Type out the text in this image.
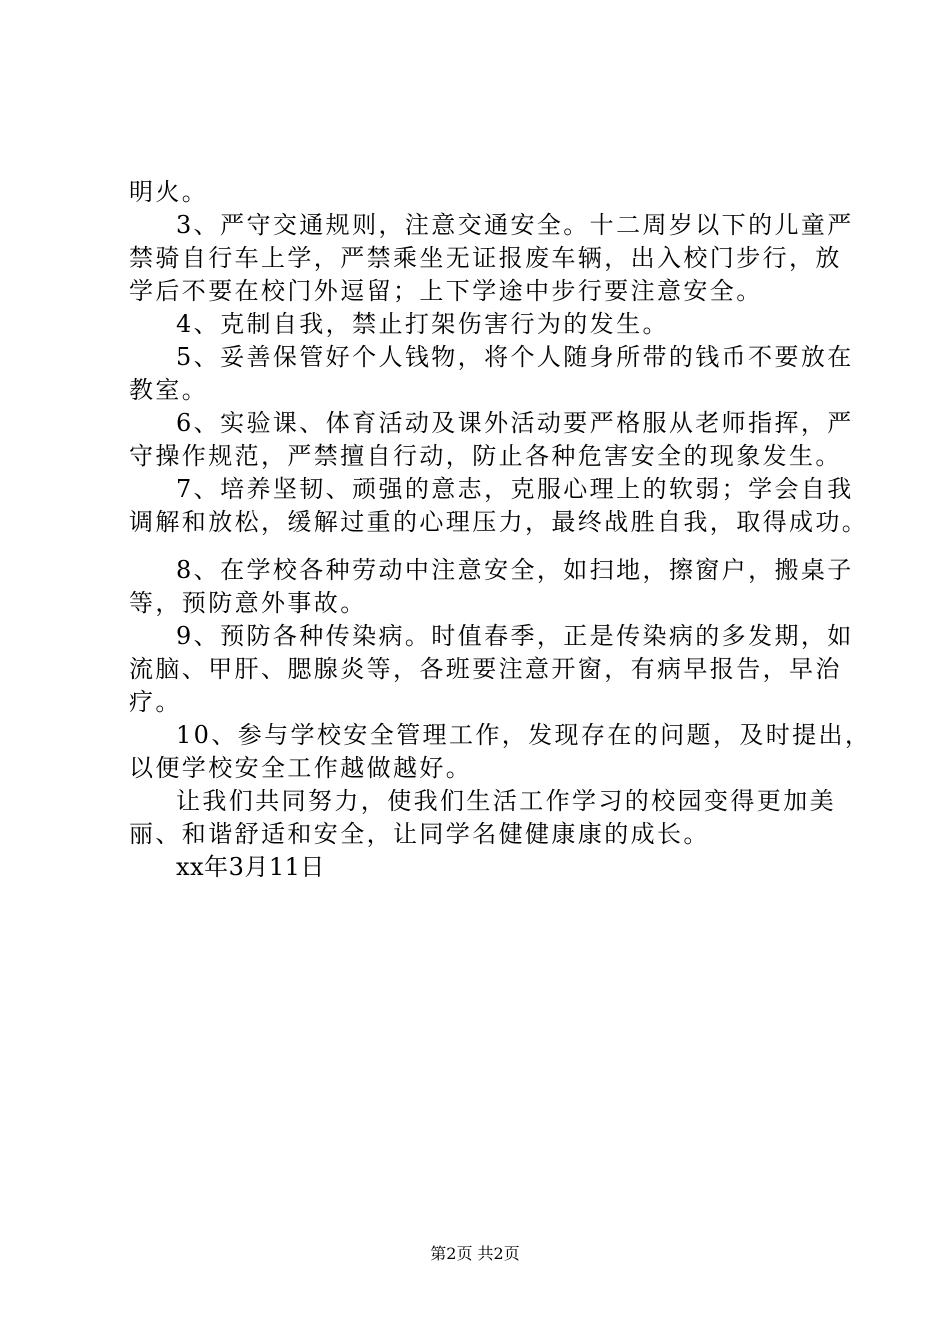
明火。
3、严守交通规则，注意交通安全。十二周岁以下的儿童严
禁骑自行车上学，严禁乘坐无证报废车辆，出入校门步行，放
学后不要在校门外逗留；上下学途中步行要注意安全。
4、克制自我，禁止打架伤害行为的发生。
5、妥善保管好个人钱物，将个人随身所带的钱币不要放在
教室。
6、实验课、体育活动及课外活动要严格服从老师指挥，严
守操作规范，严禁擅自行动，防止各种危害安全的现象发生。
7、培养坚韧、顽强的意志，克服心理上的软弱；学会自我
调解和放松，缓解过重的心理压力，最终战胜自我，取得成功。
8、在学校各种劳动中注意安全，如扫地，擦窗户，搬桌子
等，预防意外事故。
9、预防各种传染病。时值春季，正是传染病的多发期，如
流脑、甲肝、腮腺炎等，各班要注意开窗，有病早报告，早治
疗。
10、参与学校安全管理工作，发现存在的问题，及时提出，
以便学校安全工作越做越好。
让我们共同努力，使我们生活工作学习的校园变得更加美
丽、和谐舒适和安全，让同学名健健康康的成长。
xx年3月11日
第2页 共2页
